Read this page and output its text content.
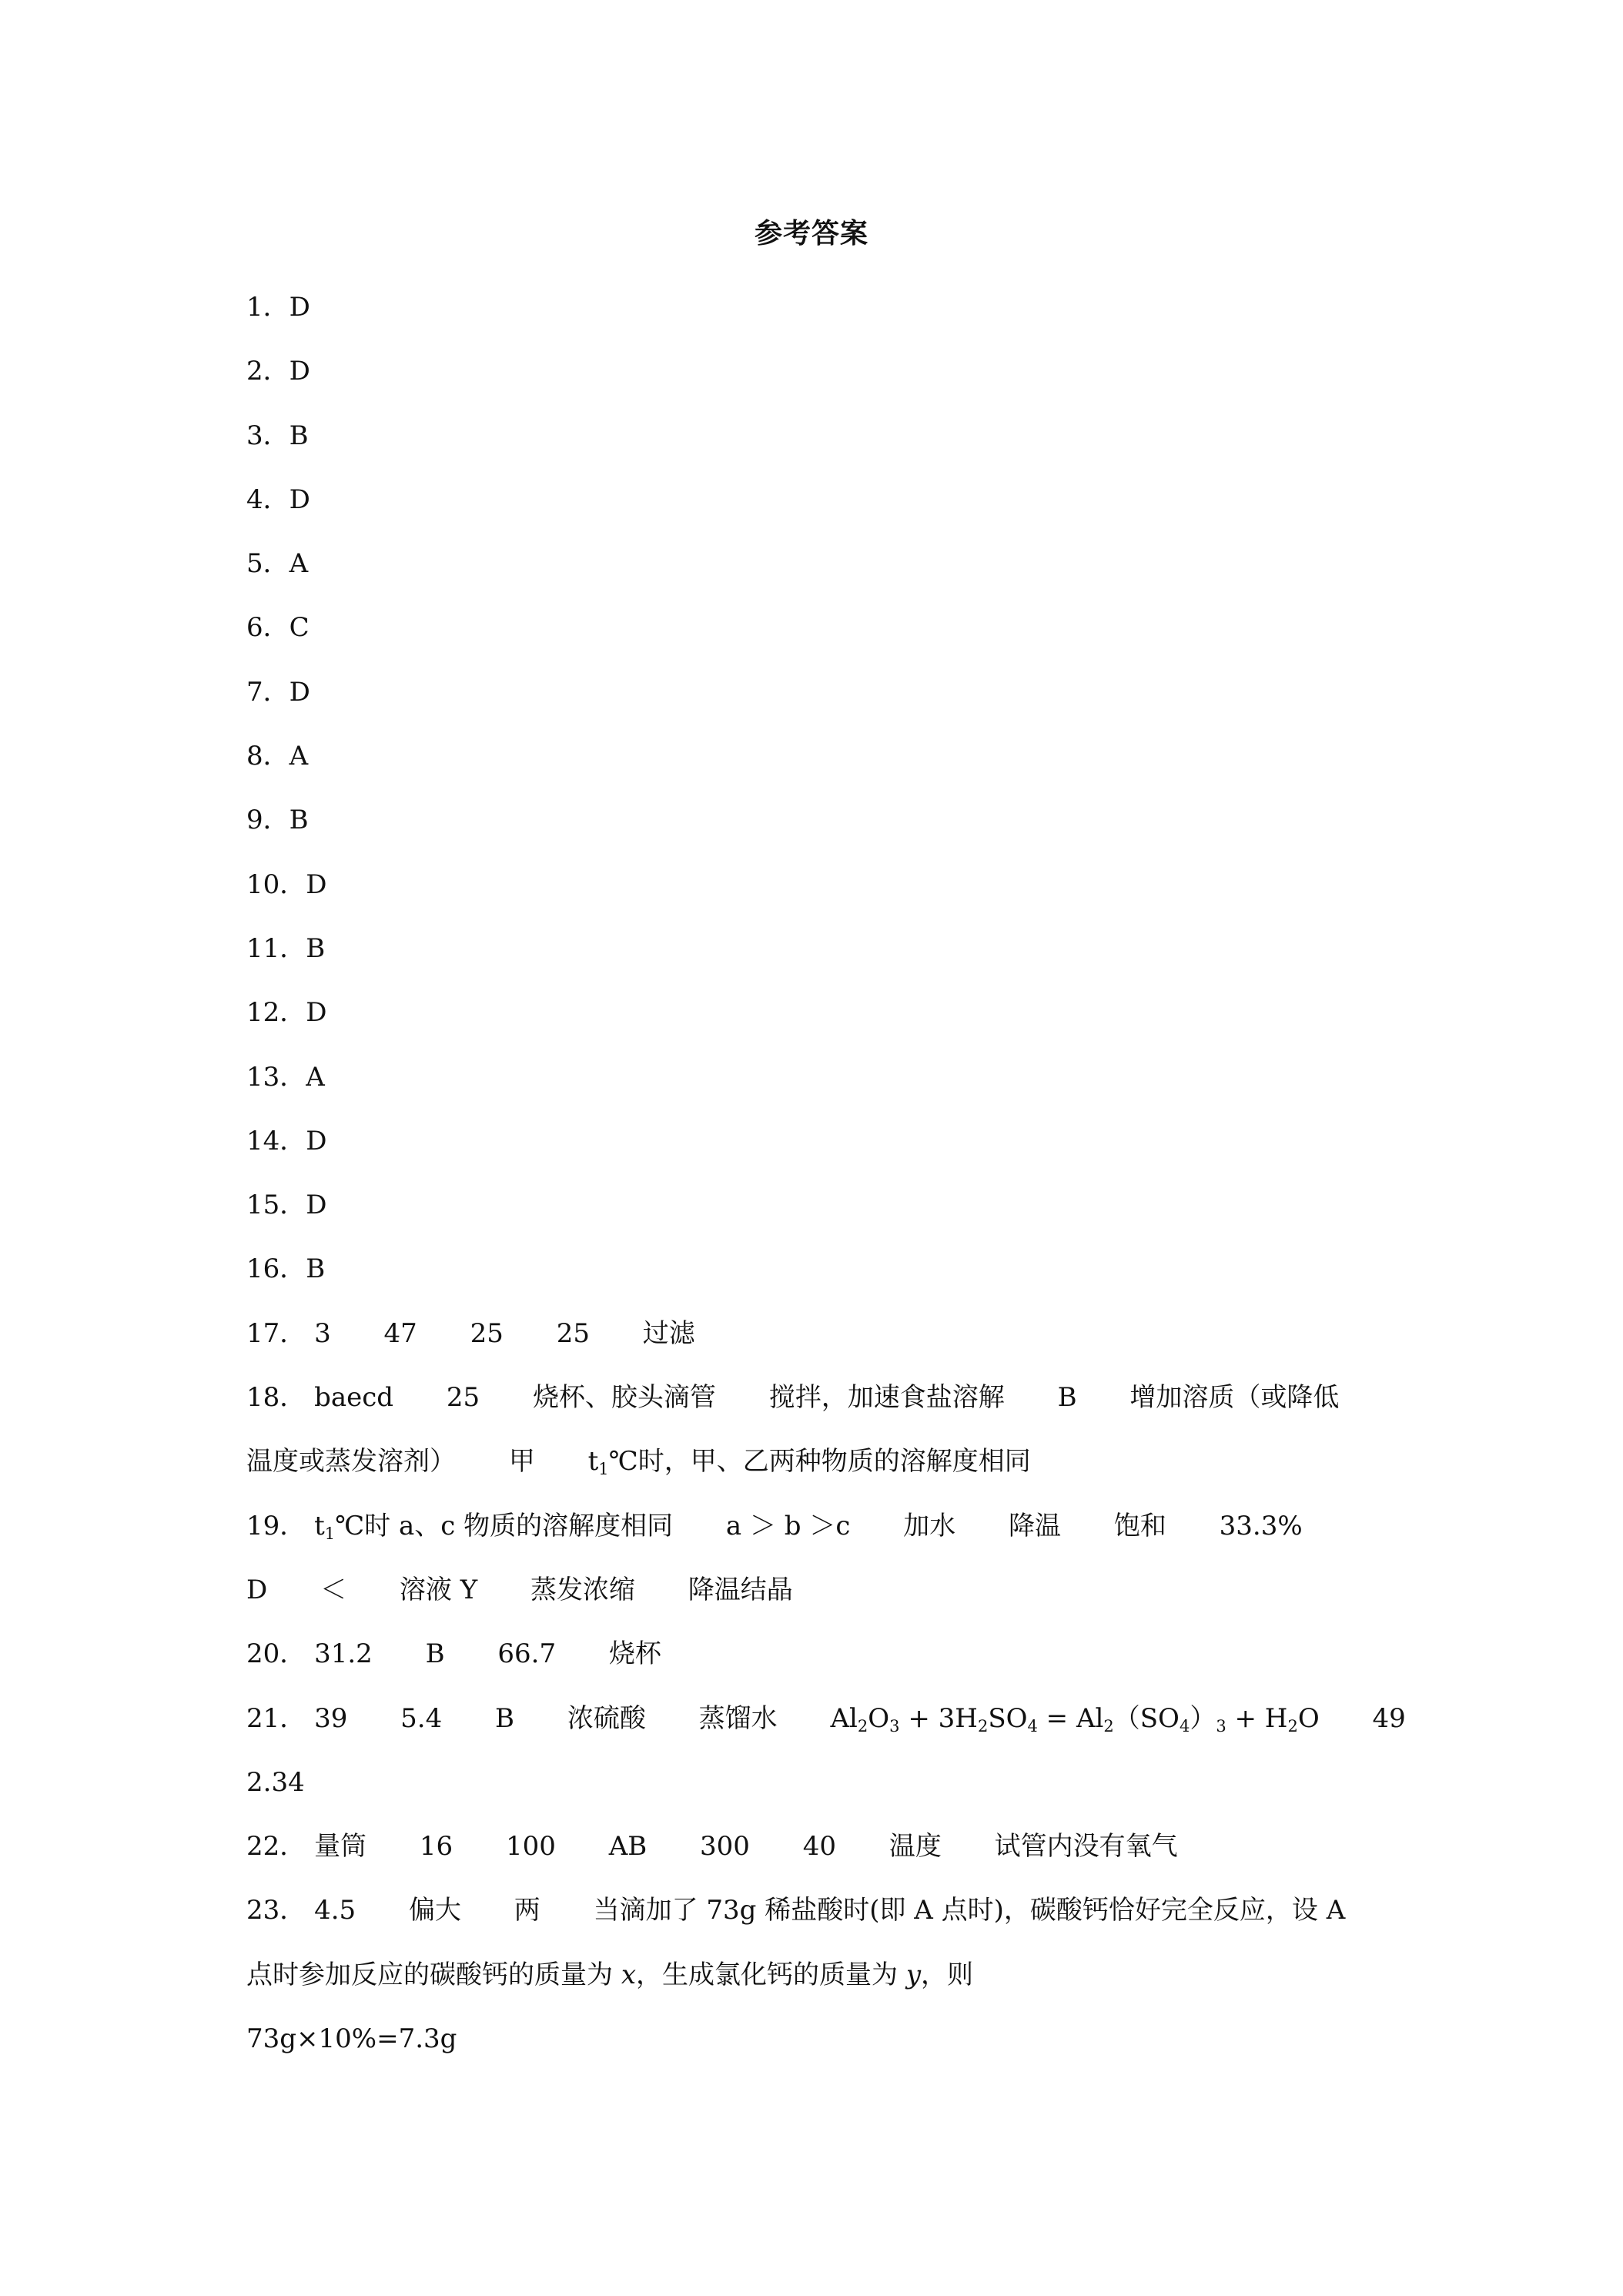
参考答案
1．D
2．D
3．B
4．D
5．A
6．C
7．D
8．A
9．B
10．D
11．B
12．D
13．A
14．D
15．D
16．B
17． 3 47 25 25 过滤
18． baecd 25 烧杯、胶头滴管 搅拌，加速食盐溶解 B 增加溶质（或降低
温度或蒸发溶剂） 甲 $t_1℃$时，甲、乙两种物质的溶解度相同
19． $t_1℃$时 a、c 物质的溶解度相同 a ＞ b ＞c 加水 降温 饱和 33.3%
D ＜ 溶液 Y 蒸发浓缩 降温结晶
20． 31.2 B 66.7 烧杯
21． 39 5.4 B 浓硫酸 蒸馏水 $Al_2O_3 + 3H_2SO_4 = Al_2(SO_4)_3 + H_2O$ 49
2.34
22． 量筒 16 100 AB 300 40 温度 试管内没有氧气
23． 4.5 偏大 两 当滴加了 73g 稀盐酸时(即 A 点时)，碳酸钙恰好完全反应，设 A
点时参加反应的碳酸钙的质量为 x，生成氯化钙的质量为 y，则
73g×10%=7.3g
